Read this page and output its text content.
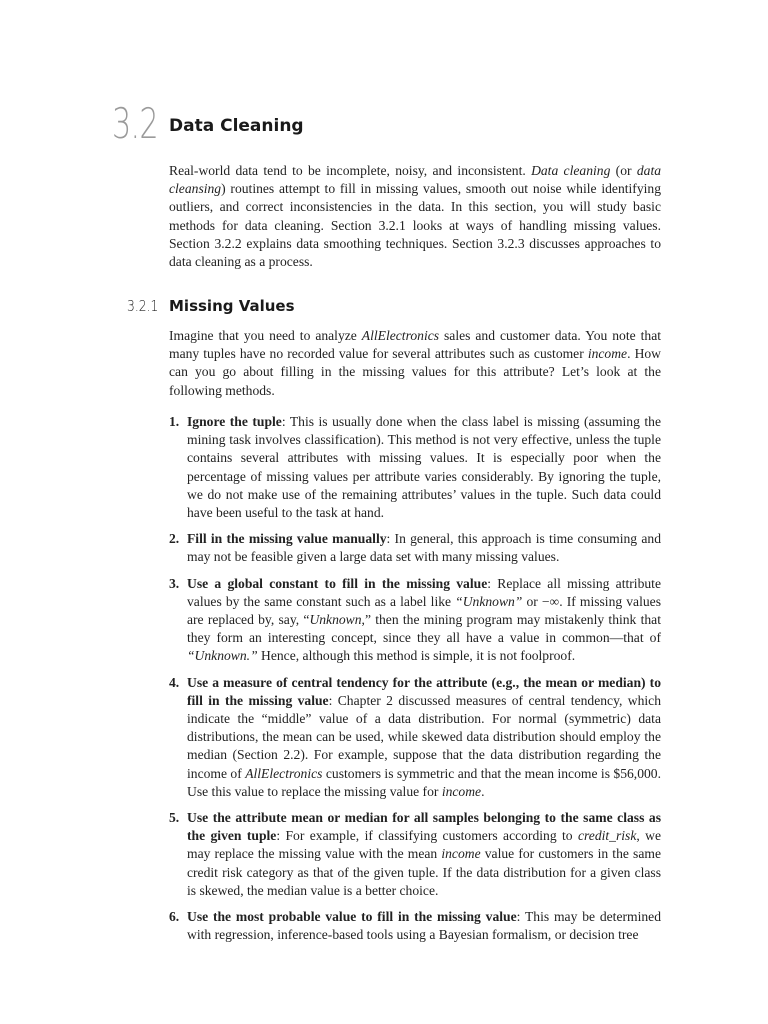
3.2 Data Cleaning

Real-world data tend to be incomplete, noisy, and inconsistent. Data cleaning (or data cleansing) routines attempt to fill in missing values, smooth out noise while identifying outliers, and correct inconsistencies in the data. In this section, you will study basic methods for data cleaning. Section 3.2.1 looks at ways of handling missing values. Section 3.2.2 explains data smoothing techniques. Section 3.2.3 discusses approaches to data cleaning as a process.

3.2.1 Missing Values

Imagine that you need to analyze AllElectronics sales and customer data. You note that many tuples have no recorded value for several attributes such as customer income. How can you go about filling in the missing values for this attribute? Let’s look at the following methods.

1. Ignore the tuple: This is usually done when the class label is missing (assuming the mining task involves classification). This method is not very effective, unless the tuple contains several attributes with missing values. It is especially poor when the percentage of missing values per attribute varies considerably. By ignoring the tuple, we do not make use of the remaining attributes’ values in the tuple. Such data could have been useful to the task at hand.
2. Fill in the missing value manually: In general, this approach is time consuming and may not be feasible given a large data set with many missing values.
3. Use a global constant to fill in the missing value: Replace all missing attribute values by the same constant such as a label like “Unknown” or −∞. If missing values are replaced by, say, “Unknown,” then the mining program may mistakenly think that they form an interesting concept, since they all have a value in common—that of “Unknown.” Hence, although this method is simple, it is not foolproof.
4. Use a measure of central tendency for the attribute (e.g., the mean or median) to fill in the missing value: Chapter 2 discussed measures of central tendency, which indicate the “middle” value of a data distribution. For normal (symmetric) data distributions, the mean can be used, while skewed data distribution should employ the median (Section 2.2). For example, suppose that the data distribution regarding the income of AllElectronics customers is symmetric and that the mean income is $56,000. Use this value to replace the missing value for income.
5. Use the attribute mean or median for all samples belonging to the same class as the given tuple: For example, if classifying customers according to credit_risk, we may replace the missing value with the mean income value for customers in the same credit risk category as that of the given tuple. If the data distribution for a given class is skewed, the median value is a better choice.
6. Use the most probable value to fill in the missing value: This may be determined with regression, inference-based tools using a Bayesian formalism, or decision tree
